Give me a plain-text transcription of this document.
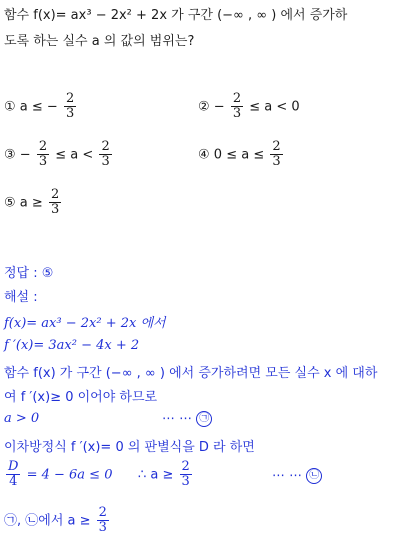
함수 f(x)= ax³ − 2x² + 2x 가 구간 (−∞ , ∞ ) 에서 증가하
도록 하는 실수 a 의 값의 범위는?
① a ≤ − $\frac{2}{3}$	② − $\frac{2}{3} \le a < 0$
③ − $\frac{2}{3} \le a < \frac{2}{3}$	④ $0 \le a \le \frac{2}{3}$
⑤ $a \ge \frac{2}{3}$
정답 : ⑤
해설 :
f(x)= ax³ − 2x² + 2x 에서
f ′(x)= 3ax² − 4x + 2
함수 f(x) 가 구간 (−∞ , ∞ ) 에서 증가하려면 모든 실수 x 에 대하
여 f ′(x)≥ 0 이어야 하므로
a > 0	⋯ ⋯ ㉠
이차방정식 f ′(x)= 0 의 판별식을 D 라 하면
$\frac{D}{4} = 4 - 6a \le 0$ ∴ $a \ge \frac{2}{3}$	⋯ ⋯ ㉡
㉠, ㉡에서 $a \ge \frac{2}{3}$
